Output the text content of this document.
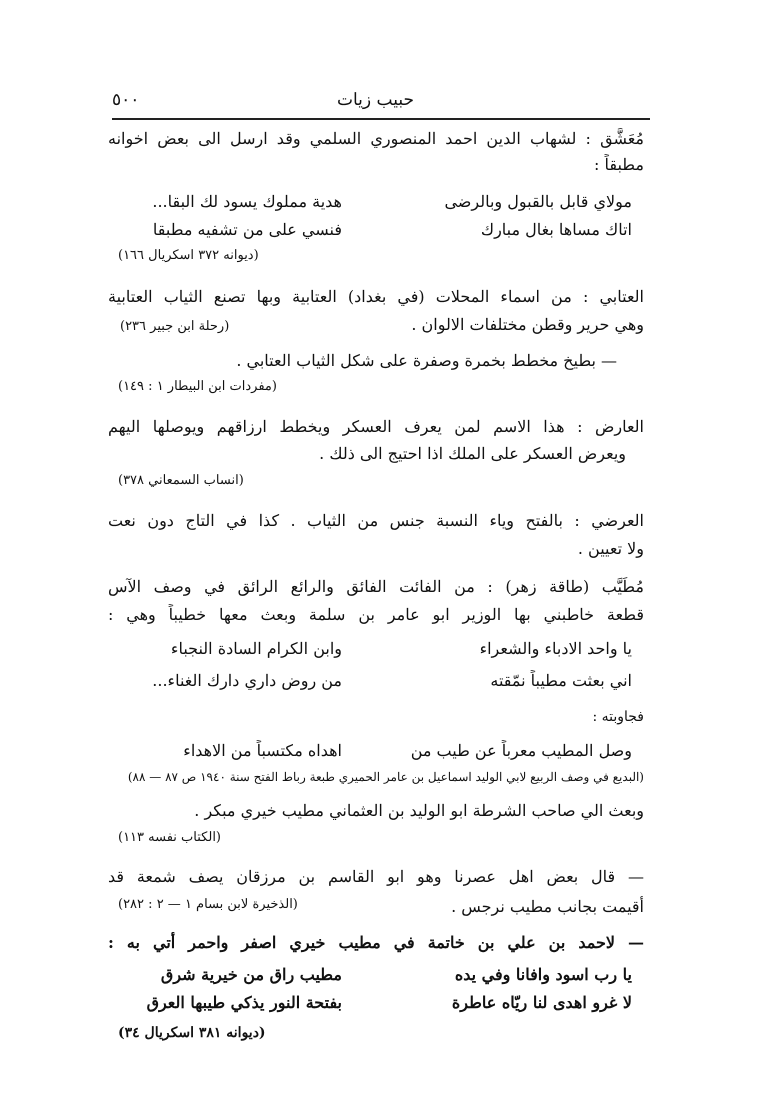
٥٠٠	حبيب زيات
مُعَشَّق : لشهاب الدين احمد المنصوري السلمي وقد ارسل الى بعض اخوانه
مطبقاً :
مولاي قابل بالقبول وبالرضى
هدية مملوك يسود لك البقا...
اتاك مساها بغال مبارك
فنسي على من تشفيه مطبقا
(ديوانه ٣٧٢ اسكريال ١٦٦)
العتابي : من اسماء المحلات (في بغداد) العتابية وبها تصنع الثياب العتابية
وهي حرير وقطن مختلفات الالوان .
(رحلة ابن جبير ٢٣٦)
— بطيخ مخطط بخمرة وصفرة على شكل الثياب العتابي .
(مفردات ابن البيطار ١ : ١٤٩)
العارض : هذا الاسم لمن يعرف العسكر ويخطط ارزاقهم ويوصلها اليهم
ويعرض العسكر على الملك اذا احتيج الى ذلك .
(انساب السمعاني ٣٧٨)
العرضي : بالفتح وياء النسبة جنس من الثياب . كذا في التاج دون نعت
ولا تعيين .
مُطَيَّب (طاقة زهر) : من الفائت الفائق والرائع الرائق في وصف الآس
قطعة خاطبني بها الوزير ابو عامر بن سلمة وبعث معها خطيباً وهي :
يا واحد الادباء والشعراء
وابن الكرام السادة النجباء
اني بعثت مطيباً نمّقته
من روض داري دارك الغناء...
فجاوبته :
وصل المطيب معرباً عن طيب من
اهداه مكتسباً من الاهداء
(البديع في وصف الربيع لابي الوليد اسماعيل بن عامر الحميري طبعة رباط الفتح سنة ١٩٤٠ ص ٨٧ — ٨٨)
وبعث الي صاحب الشرطة ابو الوليد بن العثماني مطيب خيري مبكر .
(الكتاب نفسه ١١٣)
— قال بعض اهل عصرنا وهو ابو القاسم بن مرزقان يصف شمعة قد
أُقيمت بجانب مطيب نرجس .
(الذخيرة لابن بسام ١ — ٢ : ٢٨٢)
— لاحمد بن علي بن خاتمة في مطيب خيري اصفر واحمر أُتي به :
يا رب اسود وافانا وفي يده
مطيب راق من خيرية شرق
لا غرو اهدى لنا ريّاه عاطرة
بفتحة النور يذكي طيبها العرق
(ديوانه ٣٨١ اسكريال ٣٤)
